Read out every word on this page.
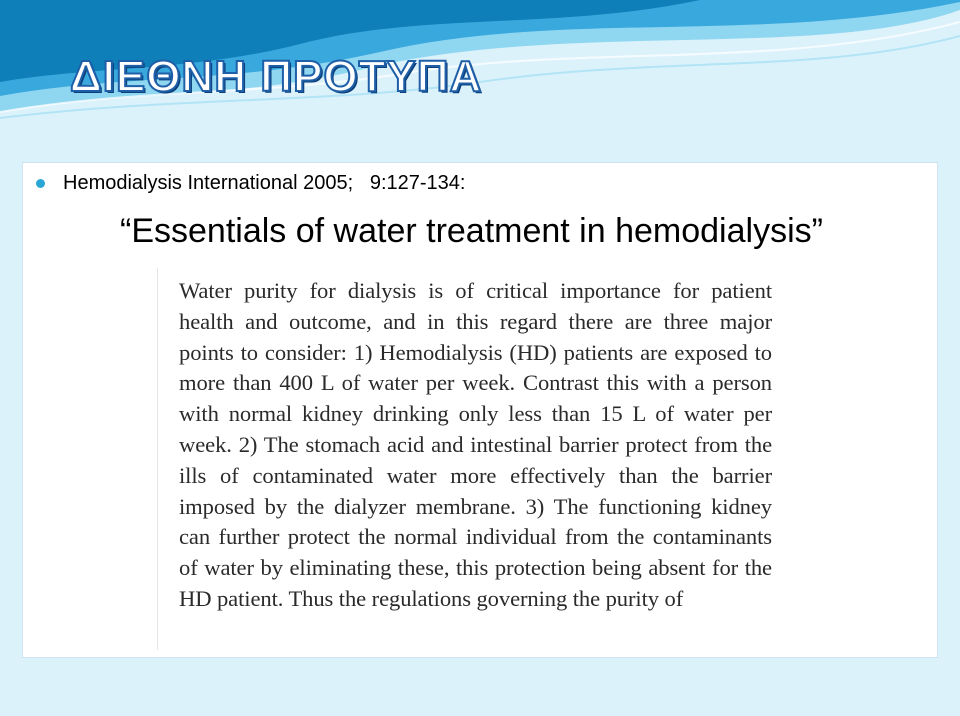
ΔΙΕΘΝΗ ΠΡΟΤΥΠΑ
Hemodialysis International 2005;   9:127-134:

“Essentials of water treatment in hemodialysis”

Water purity for dialysis is of critical importance for patient health and outcome, and in this regard there are three major points to consider: 1) Hemodialysis (HD) patients are exposed to more than 400 L of water per week. Contrast this with a person with normal kidney drinking only less than 15 L of water per week. 2) The stomach acid and intestinal barrier protect from the ills of contaminated water more effectively than the barrier imposed by the dialyzer membrane. 3) The functioning kidney can further protect the normal individual from the contaminants of water by eliminating these, this protection being absent for the HD patient. Thus the regulations governing the purity of
